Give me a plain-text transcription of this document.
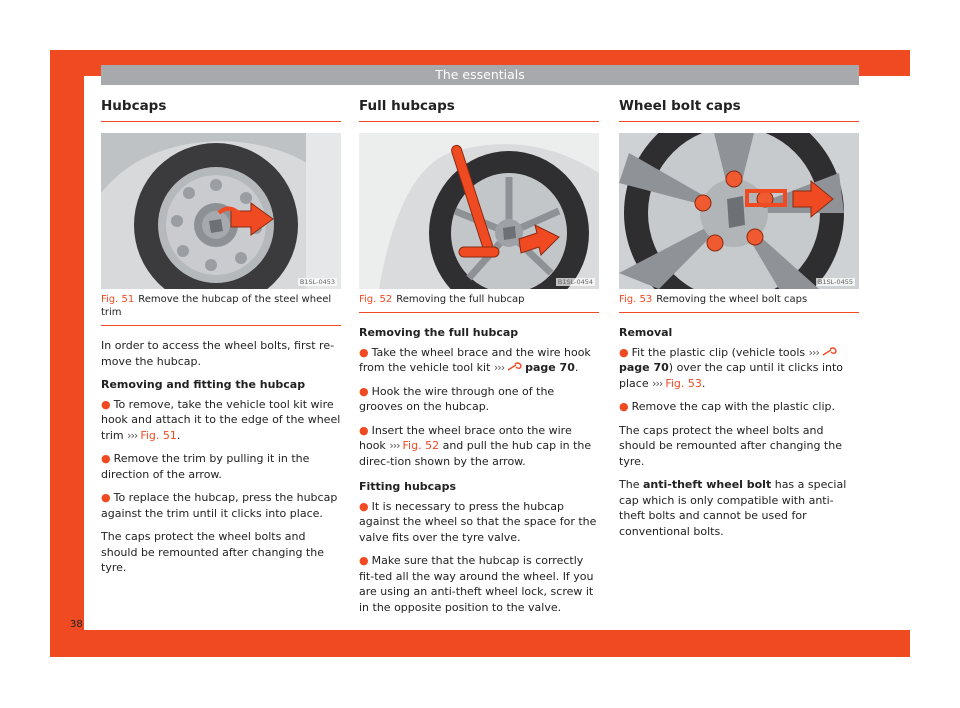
The essentials
Hubcaps
B1SL-0453
Fig. 51 Remove the hubcap of the steel wheel trim

In order to access the wheel bolts, first re-move the hubcap.

Removing and fitting the hubcap

● To remove, take the vehicle tool kit wire hook and attach it to the edge of the wheel trim ››› Fig. 51.

● Remove the trim by pulling it in the direction of the arrow.

● To replace the hubcap, press the hubcap against the trim until it clicks into place.

The caps protect the wheel bolts and should be remounted after changing the tyre.

Full hubcaps
B1SL-0454
Fig. 52 Removing the full hubcap

Removing the full hubcap

● Take the wheel brace and the wire hook from the vehicle tool kit ››› page 70.

● Hook the wire through one of the grooves on the hubcap.

● Insert the wheel brace onto the wire hook ››› Fig. 52 and pull the hub cap in the direc-tion shown by the arrow.

Fitting hubcaps

● It is necessary to press the hubcap against the wheel so that the space for the valve fits over the tyre valve.

● Make sure that the hubcap is correctly fit-ted all the way around the wheel. If you are using an anti-theft wheel lock, screw it in the opposite position to the valve.

Wheel bolt caps
B1SL-0455
Fig. 53 Removing the wheel bolt caps

Removal

● Fit the plastic clip (vehicle tools ›››page 70) over the cap until it clicks into place ››› Fig. 53.

● Remove the cap with the plastic clip.

The caps protect the wheel bolts and should be remounted after changing the tyre.

The anti-theft wheel bolt has a special cap which is only compatible with anti-theft bolts and cannot be used for conventional bolts.

38
